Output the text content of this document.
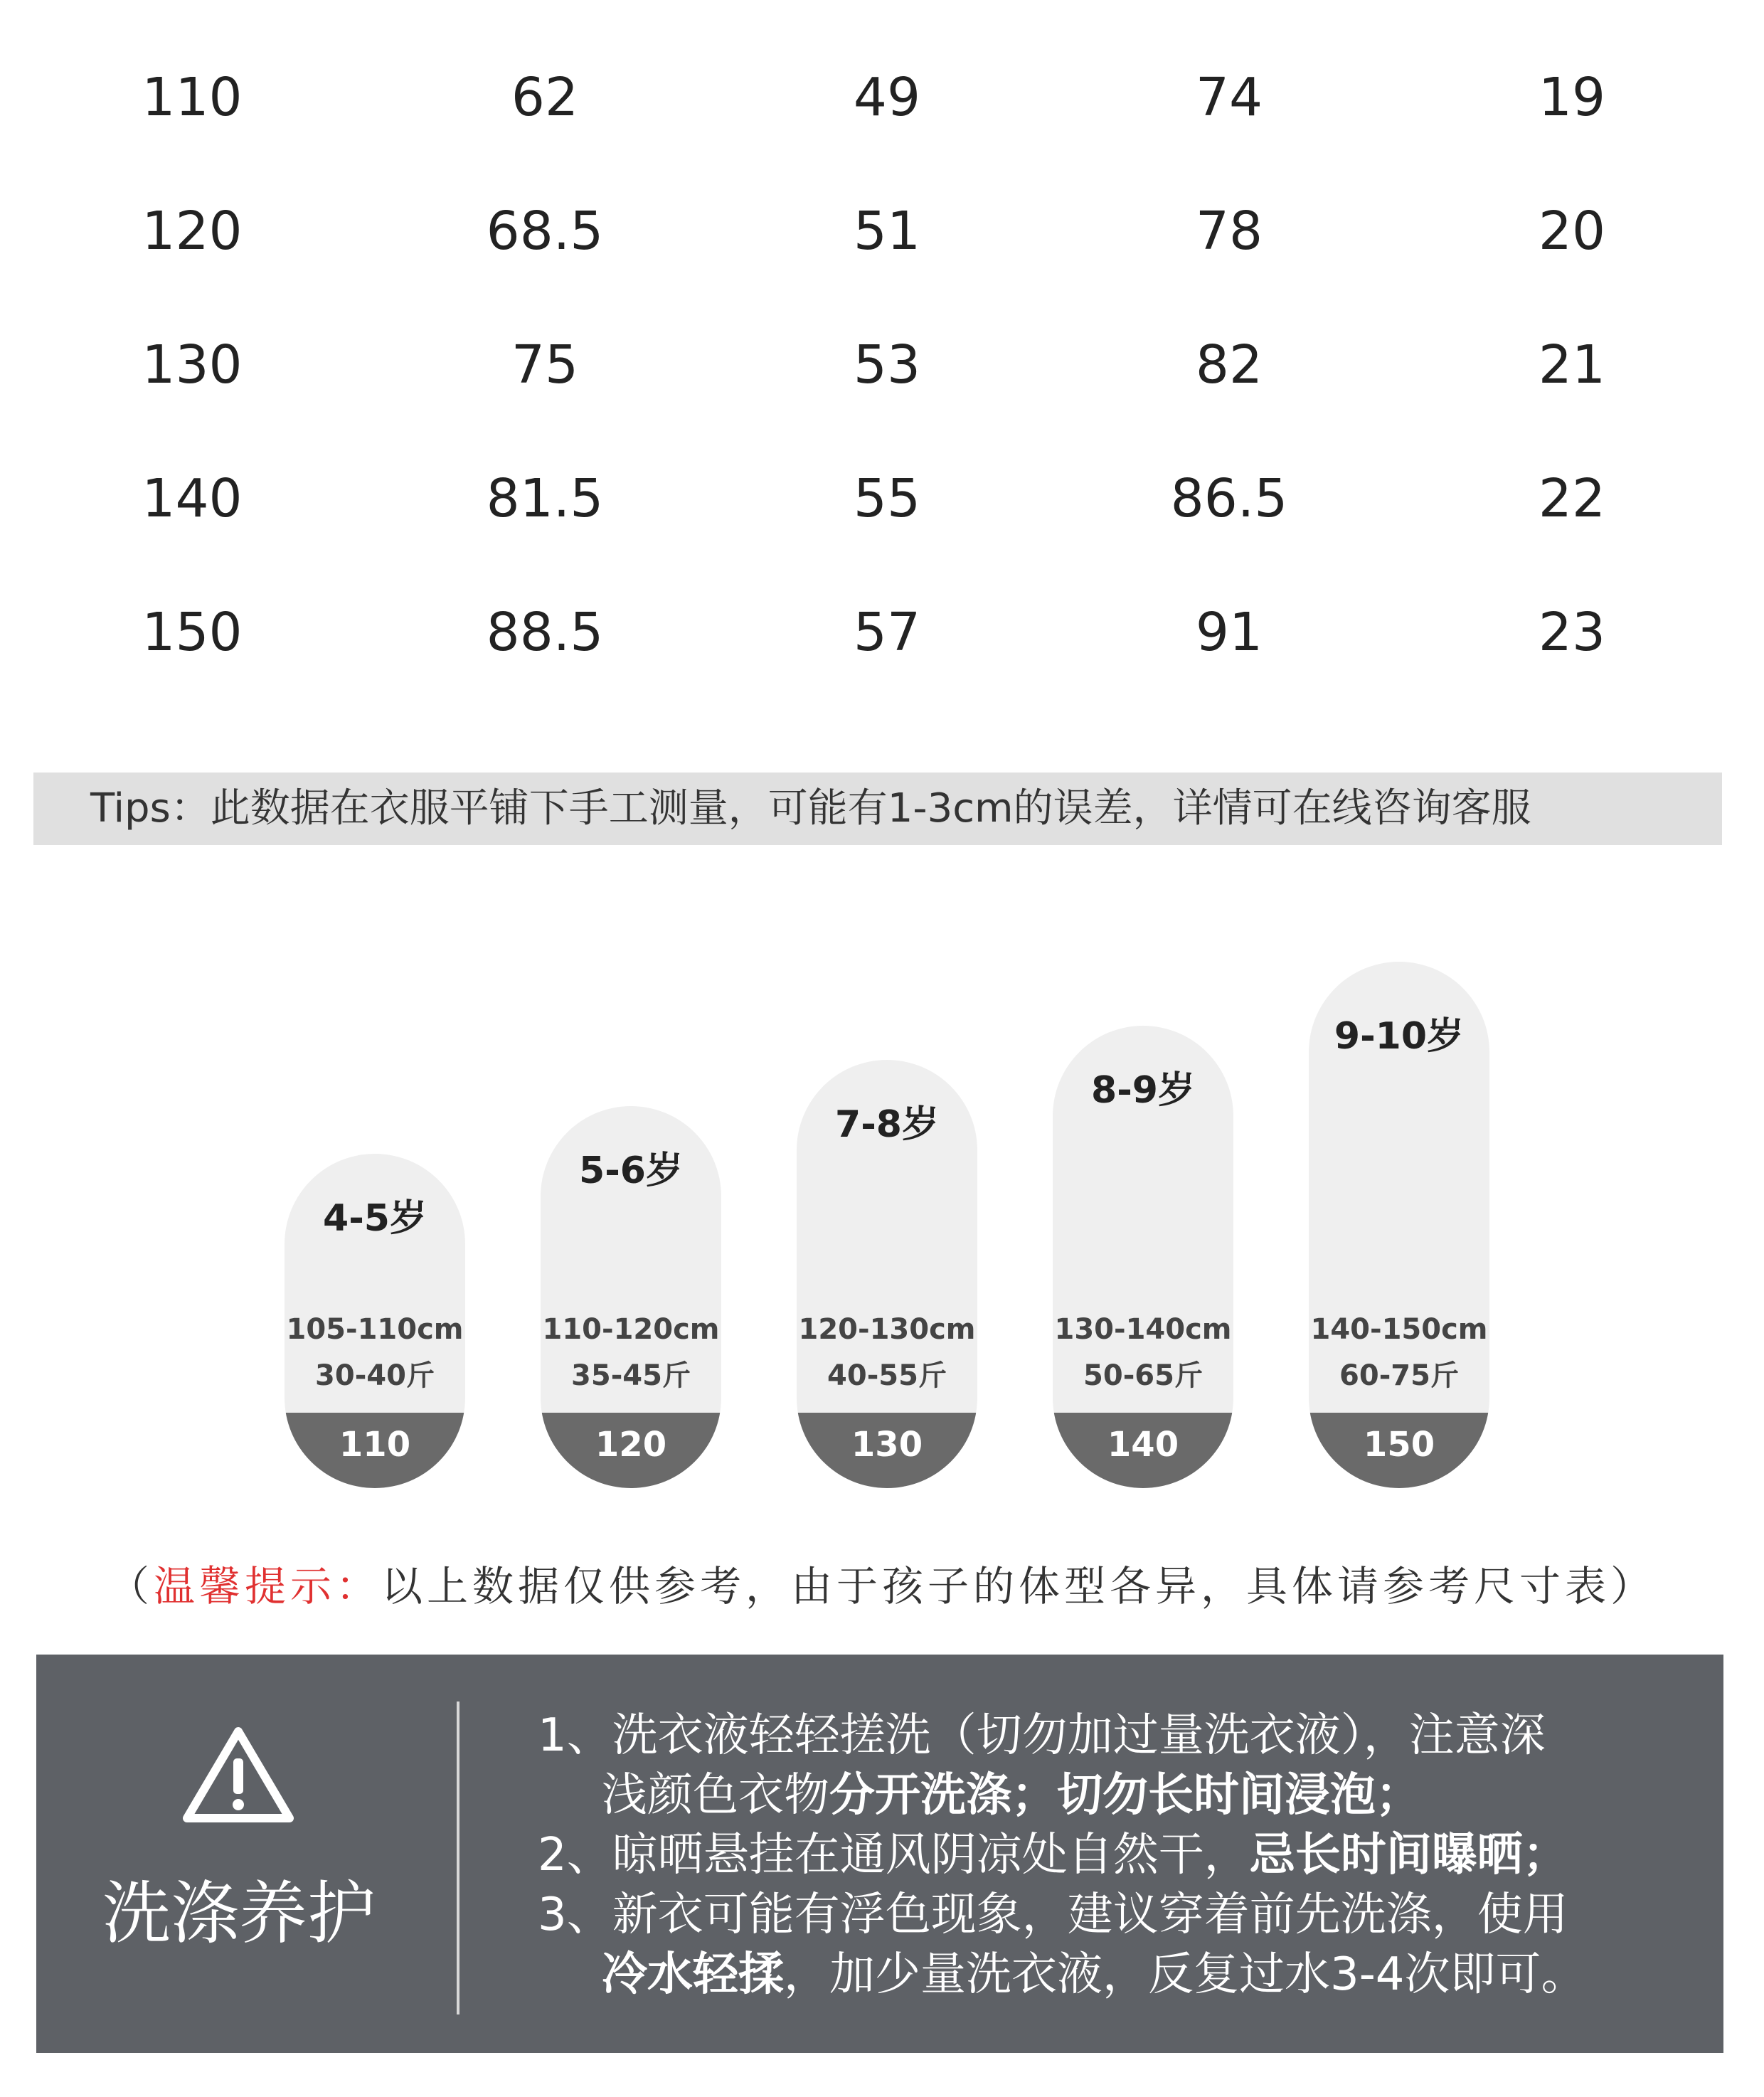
110	62	49	74	19
120	68.5	51	78	20
130	75	53	82	21
140	81.5	55	86.5	22
150	88.5	57	91	23
Tips：此数据在衣服平铺下手工测量，可能有1-3cm的误差，详情可在线咨询客服
4-5岁
105-110cm
30-40斤
110
5-6岁
110-120cm
35-45斤
120
7-8岁
120-130cm
40-55斤
130
8-9岁
130-140cm
50-65斤
140
9-10岁
140-150cm
60-75斤
150
（温馨提示：以上数据仅供参考，由于孩子的体型各异，具体请参考尺寸表）
洗涤养护
1、洗衣液轻轻搓洗（切勿加过量洗衣液），注意深
浅颜色衣物分开洗涤；切勿长时间浸泡；
2、晾晒悬挂在通风阴凉处自然干，忌长时间曝晒；
3、新衣可能有浮色现象，建议穿着前先洗涤，使用
冷水轻揉，加少量洗衣液，反复过水3-4次即可。
